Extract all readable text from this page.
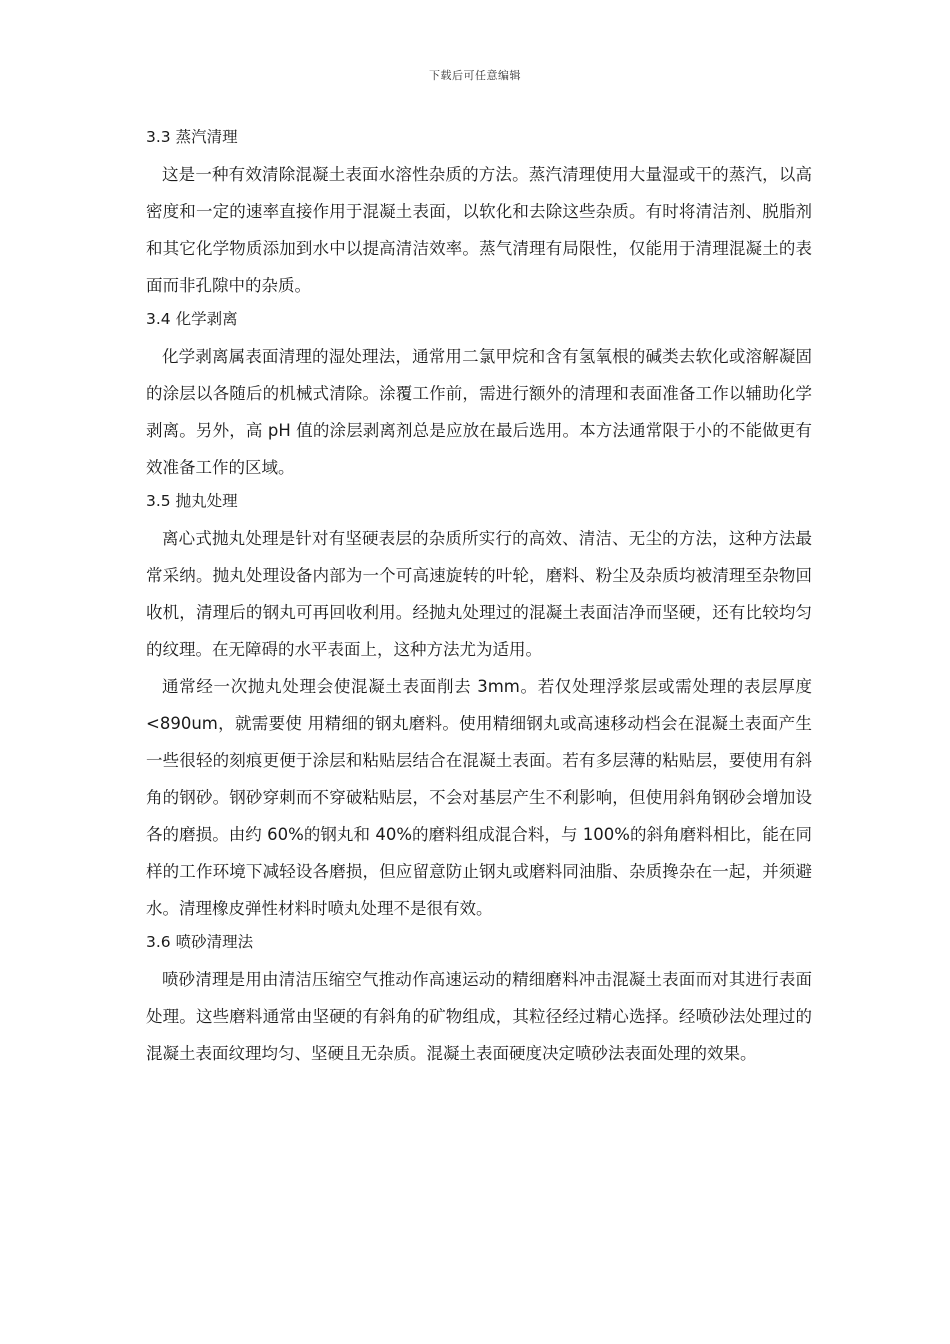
下载后可任意编辑
3.3 蒸汽清理

这是一种有效清除混凝土表面水溶性杂质的方法。蒸汽清理使用大量湿或干的蒸汽，以高密度和一定的速率直接作用于混凝土表面，以软化和去除这些杂质。有时将清洁剂、脱脂剂和其它化学物质添加到水中以提高清洁效率。蒸气清理有局限性，仅能用于清理混凝土的表面而非孔隙中的杂质。

3.4 化学剥离

化学剥离属表面清理的湿处理法，通常用二氯甲烷和含有氢氧根的碱类去软化或溶解凝固的涂层以各随后的机械式清除。涂覆工作前，需进行额外的清理和表面准备工作以辅助化学剥离。另外，高 pH 值的涂层剥离剂总是应放在最后选用。本方法通常限于小的不能做更有效准备工作的区域。

3.5 抛丸处理

离心式抛丸处理是针对有坚硬表层的杂质所实行的高效、清洁、无尘的方法，这种方法最常采纳。抛丸处理设备内部为一个可高速旋转的叶轮，磨料、粉尘及杂质均被清理至杂物回收机，清理后的钢丸可再回收利用。经抛丸处理过的混凝土表面洁净而坚硬，还有比较均匀的纹理。在无障碍的水平表面上，这种方法尤为适用。

通常经一次抛丸处理会使混凝土表面削去 3mm。若仅处理浮浆层或需处理的表层厚度<890um，就需要使 用精细的钢丸磨料。使用精细钢丸或高速移动档会在混凝土表面产生一些很轻的刻痕更便于涂层和粘贴层结合在混凝土表面。若有多层薄的粘贴层，要使用有斜角的钢砂。钢砂穿刺而不穿破粘贴层，不会对基层产生不利影响，但使用斜角钢砂会增加设各的磨损。由约 60%的钢丸和 40%的磨料组成混合料，与 100%的斜角磨料相比，能在同样的工作环境下减轻设各磨损，但应留意防止钢丸或磨料同油脂、杂质搀杂在一起，并须避水。清理橡皮弹性材料时喷丸处理不是很有效。

3.6 喷砂清理法

喷砂清理是用由清洁压缩空气推动作高速运动的精细磨料冲击混凝土表面而对其进行表面处理。这些磨料通常由坚硬的有斜角的矿物组成，其粒径经过精心选择。经喷砂法处理过的混凝土表面纹理均匀、坚硬且无杂质。混凝土表面硬度决定喷砂法表面处理的效果。
